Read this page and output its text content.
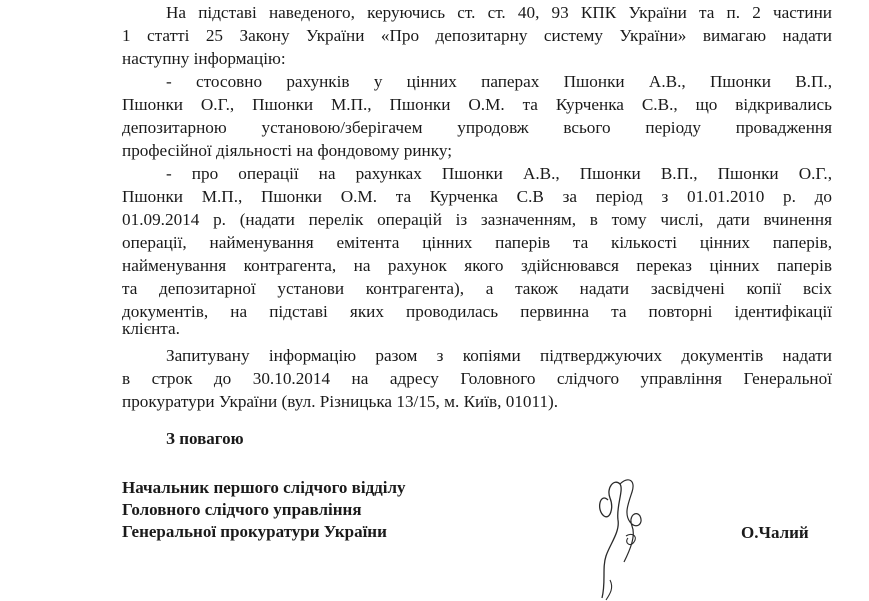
На підставі наведеного, керуючись ст. ст. 40, 93 КПК України та п. 2 частини
1 статті 25 Закону України «Про депозитарну систему України» вимагаю надати
наступну інформацію:
- стосовно рахунків у цінних паперах Пшонки А.В., Пшонки В.П.,
Пшонки О.Г., Пшонки М.П., Пшонки О.М. та Курченка С.В., що відкривались
депозитарною установою/зберігачем упродовж всього періоду провадження
професійної діяльності на фондовому ринку;
- про операції на рахунках Пшонки А.В., Пшонки В.П., Пшонки О.Г.,
Пшонки М.П., Пшонки О.М. та Курченка С.В за період з 01.01.2010 р. до
01.09.2014 р. (надати перелік операцій із зазначенням, в тому числі, дати вчинення
операції, найменування емітента цінних паперів та кількості цінних паперів,
найменування контрагента, на рахунок якого здійснювався переказ цінних паперів
та депозитарної установи контрагента), а також надати засвідчені копії всіх
документів, на підставі яких проводилась первинна та повторні ідентифікації
клієнта.
Запитувану інформацію разом з копіями підтверджуючих документів надати
в строк до 30.10.2014 на адресу Головного слідчого управління Генеральної
прокуратури України (вул. Різницька 13/15, м. Київ, 01011).
З повагою
Начальник першого слідчого відділу
Головного слідчого управління
Генеральної прокуратури України	О.Чалий
